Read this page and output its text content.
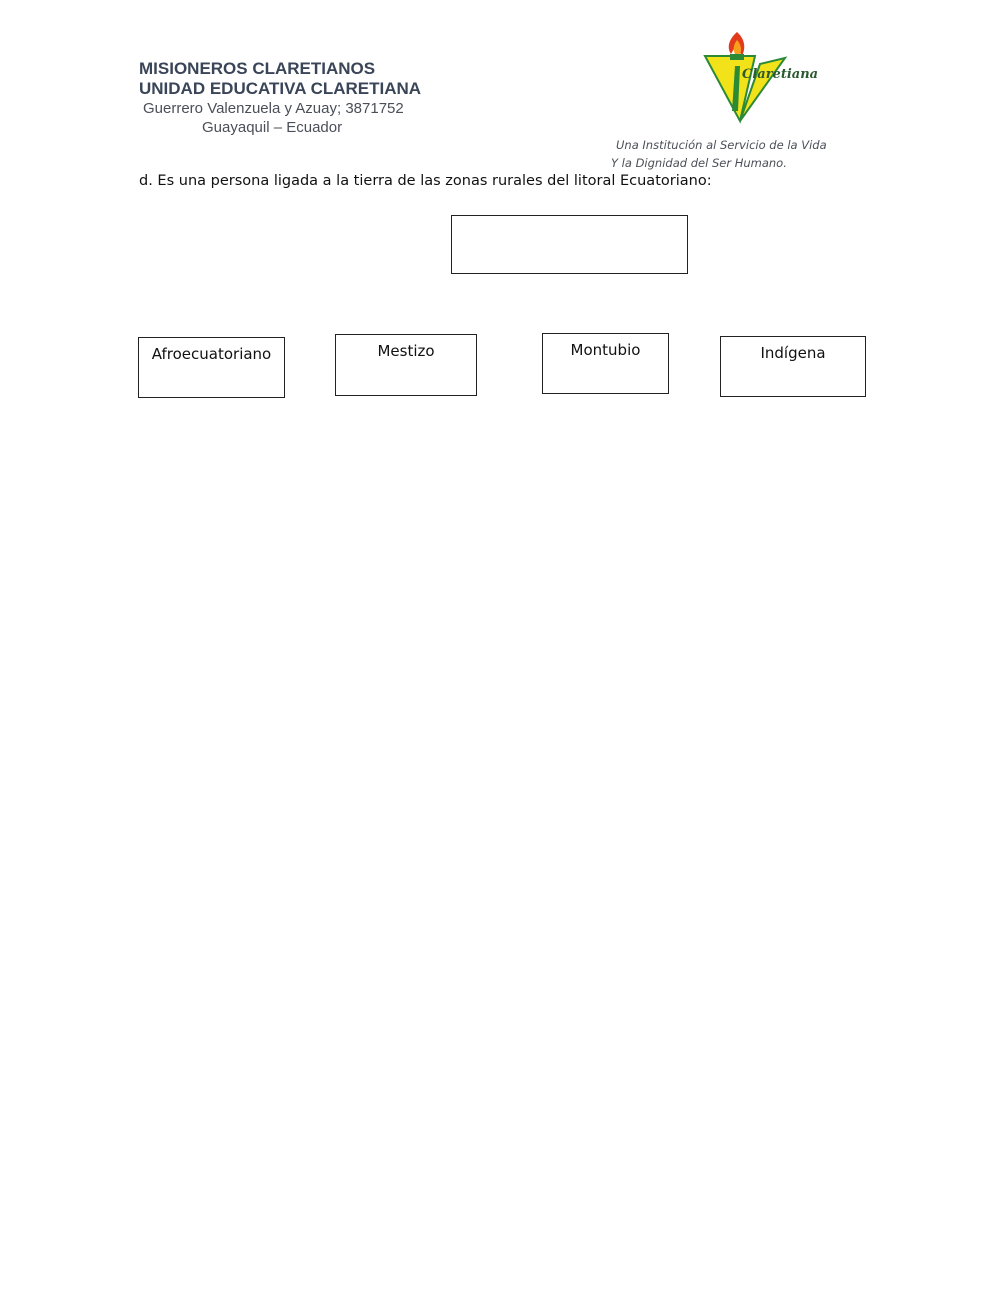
MISIONEROS CLARETIANOS
UNIDAD EDUCATIVA CLARETIANA
Guerrero Valenzuela y Azuay; 3871752
Guayaquil – Ecuador
Claretiana
Una Institución al Servicio de la Vida
Y la Dignidad del Ser Humano.
d. Es una persona ligada a la tierra de las zonas rurales del litoral Ecuatoriano:
Afroecuatoriano	Mestizo	Montubio	Indígena
